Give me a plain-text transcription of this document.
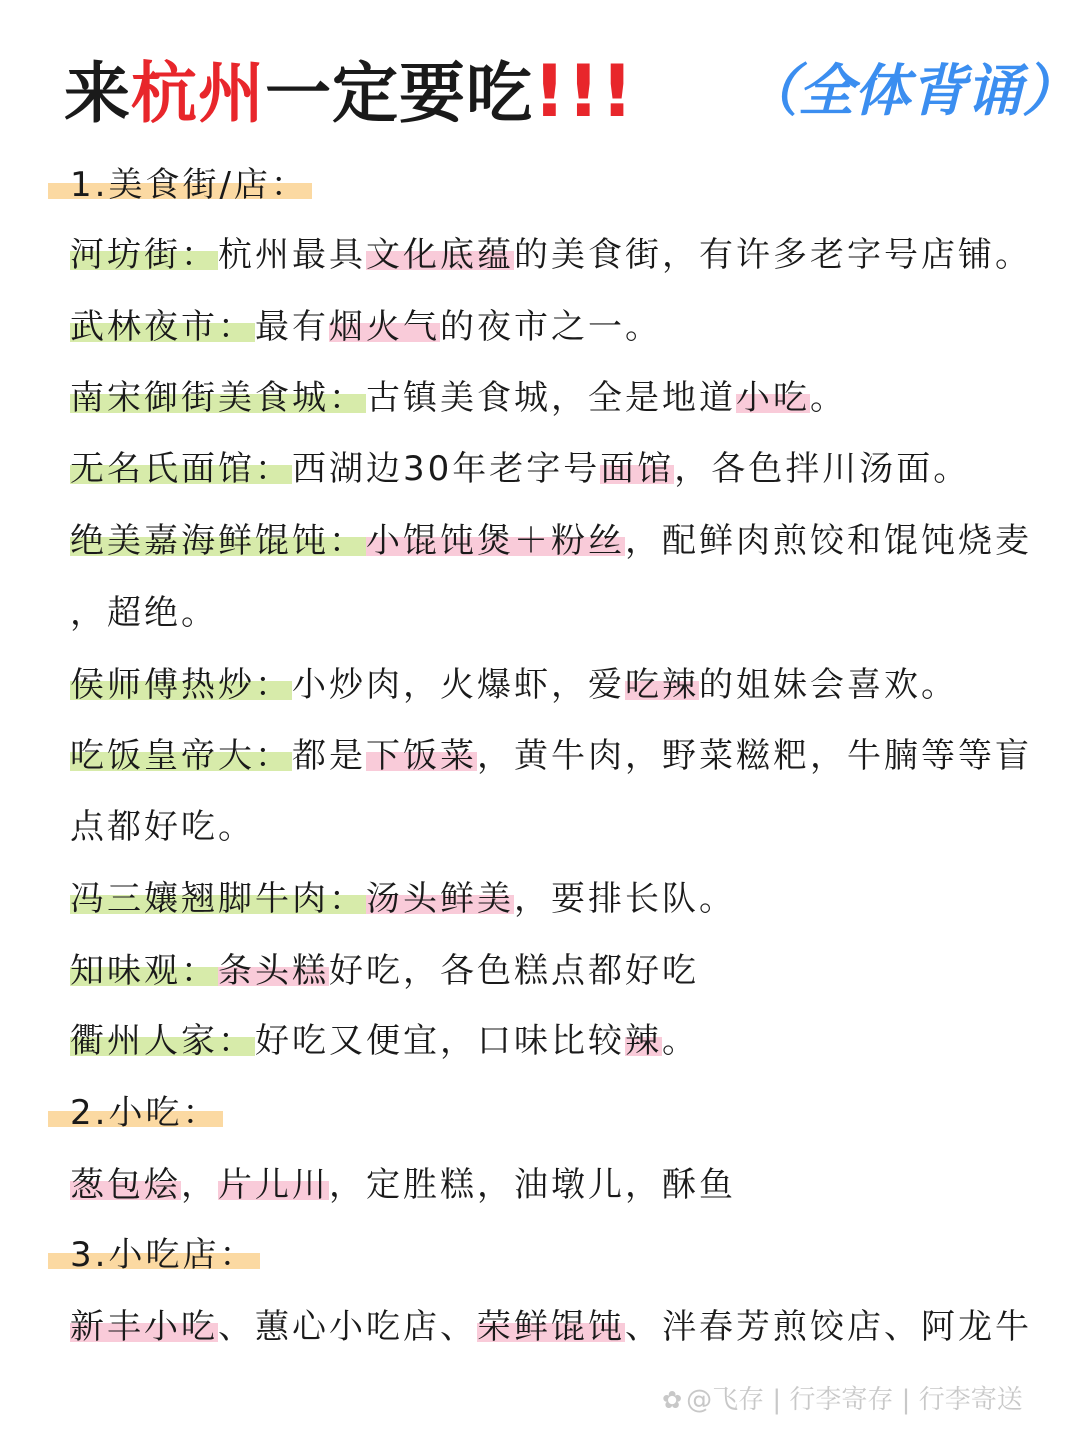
来杭州一定要吃!!! （全体背诵）
1.美食街/店：
河坊街：杭州最具文化底蕴的美食街，有许多老字号店铺。
武林夜市：最有烟火气的夜市之一。
南宋御街美食城：古镇美食城，全是地道小吃。
无名氏面馆：西湖边30年老字号面馆，各色拌川汤面。
绝美嘉海鲜馄饨：小馄饨煲＋粉丝，配鲜肉煎饺和馄饨烧麦
，超绝。
侯师傅热炒：小炒肉，火爆虾，爱吃辣的姐妹会喜欢。
吃饭皇帝大：都是下饭菜，黄牛肉，野菜糍粑，牛腩等等盲
点都好吃。
冯三孃翘脚牛肉：汤头鲜美，要排长队。
知味观：条头糕好吃，各色糕点都好吃
衢州人家：好吃又便宜，口味比较辣。
2.小吃：
葱包烩，片儿川，定胜糕，油墩儿，酥鱼
3.小吃店：
新丰小吃、蕙心小吃店、荣鲜馄饨、泮春芳煎饺店、阿龙牛
✿ @飞存 | 行李寄存 | 行李寄送
